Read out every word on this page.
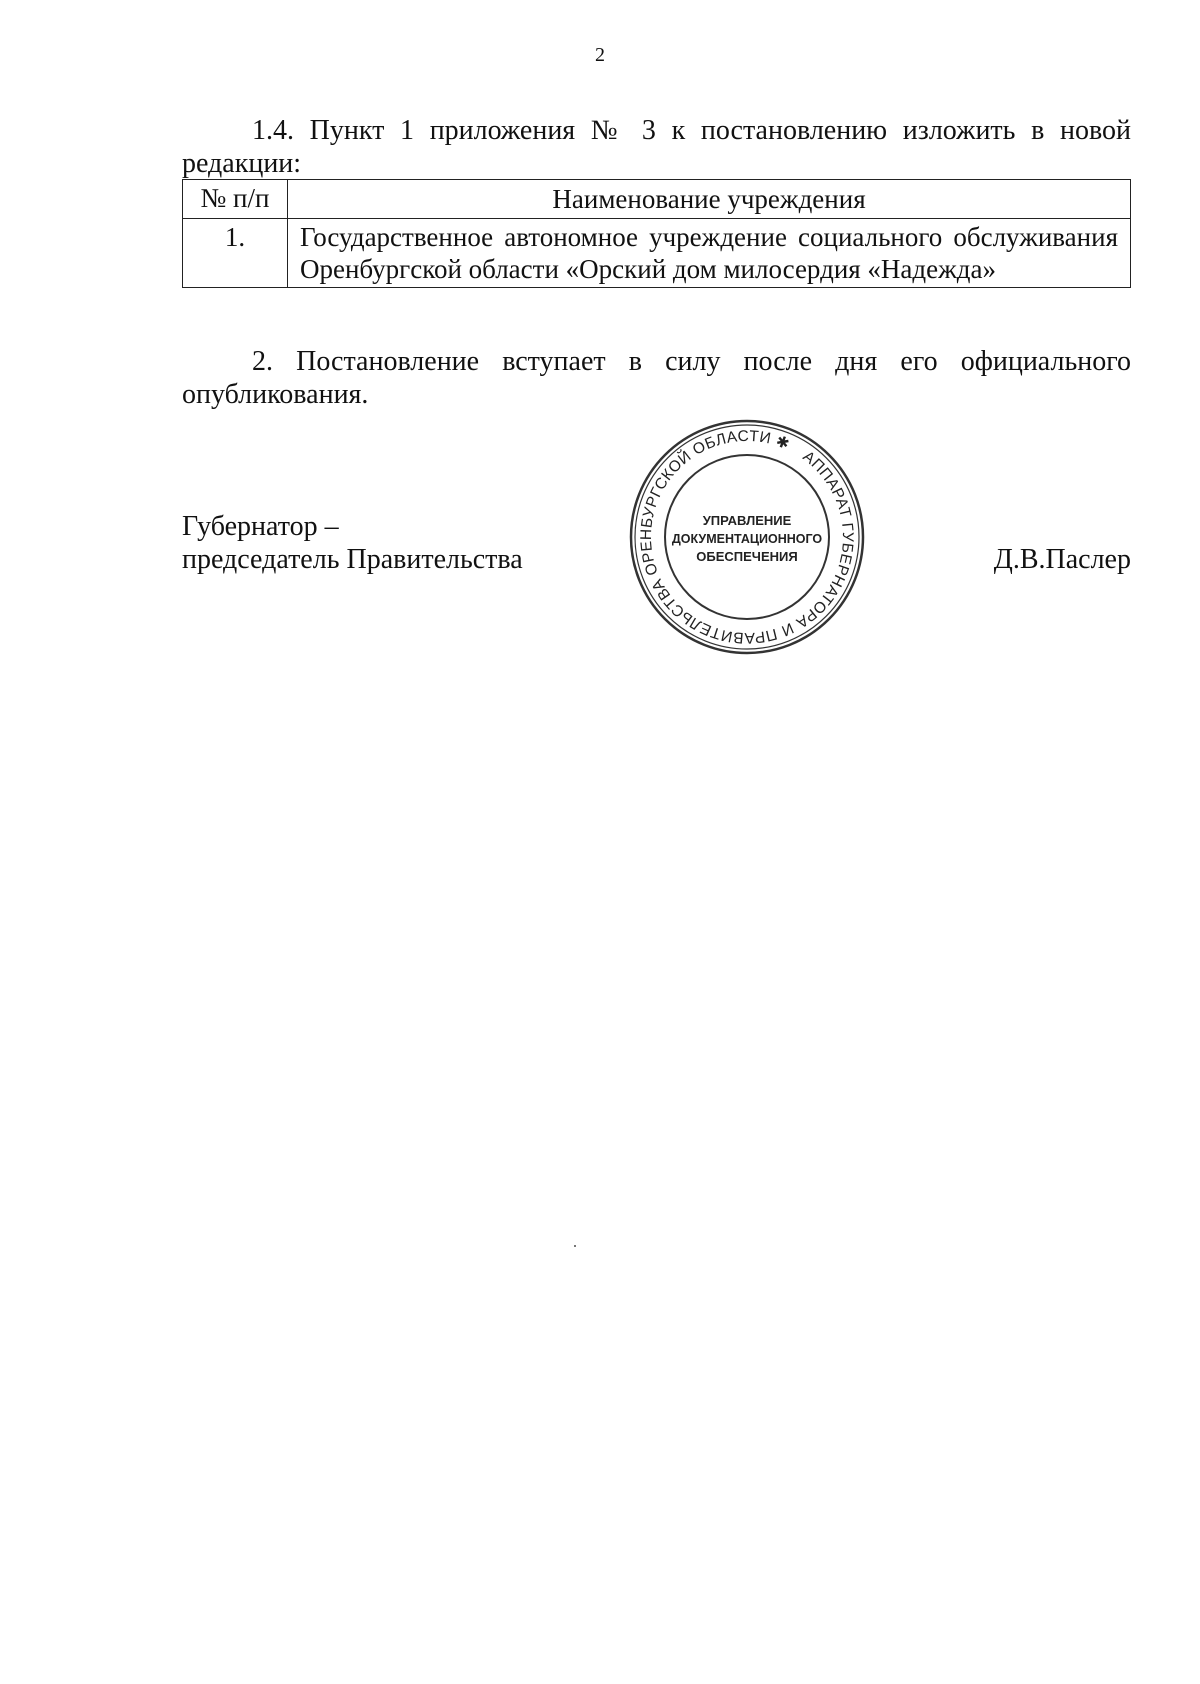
2
1.4. Пункт 1 приложения № 3 к постановлению изложить в новой редакции:
№ п/п	Наименование учреждения
1.	Государственное автономное учреждение социального обслуживания Оренбургской области «Орский дом милосердия «Надежда»
2. Постановление вступает в силу после дня его официального опубликования.
Губернатор –
председатель Правительства	Д.В.Паслер
АППАРАТ ГУБЕРНАТОРА И ПРАВИТЕЛЬСТВА ОРЕНБУРГСКОЙ ОБЛАСТИ ✱
УПРАВЛЕНИЕ
ДОКУМЕНТАЦИОННОГО
ОБЕСПЕЧЕНИЯ
